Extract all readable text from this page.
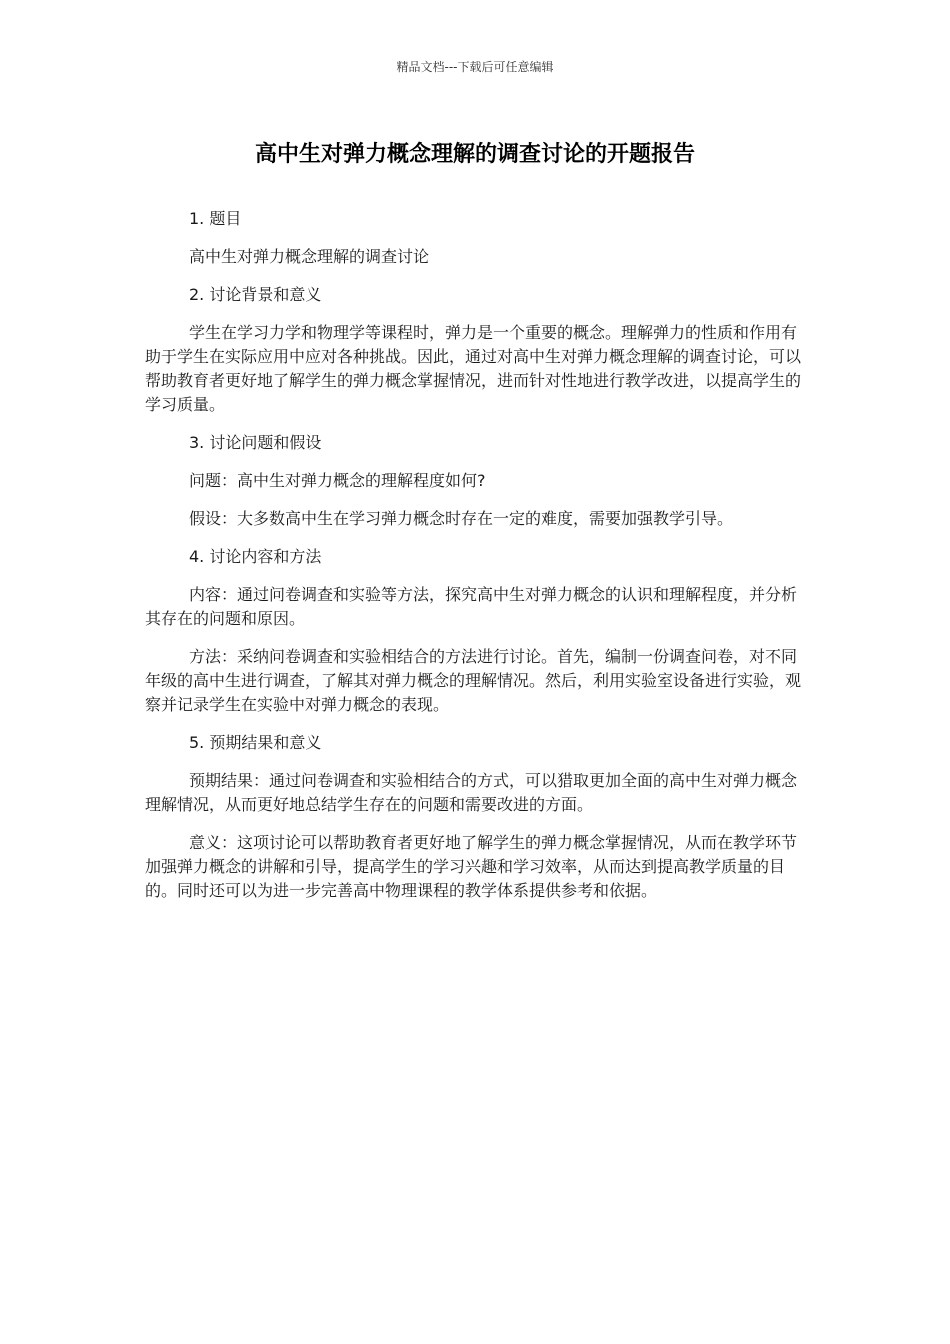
精品文档---下载后可任意编辑
高中生对弹力概念理解的调查讨论的开题报告

1. 题目

高中生对弹力概念理解的调查讨论

2. 讨论背景和意义

学生在学习力学和物理学等课程时，弹力是一个重要的概念。理解弹力的性质和作用有助于学生在实际应用中应对各种挑战。因此，通过对高中生对弹力概念理解的调查讨论，可以帮助教育者更好地了解学生的弹力概念掌握情况，进而针对性地进行教学改进，以提高学生的学习质量。

3. 讨论问题和假设

问题：高中生对弹力概念的理解程度如何?

假设：大多数高中生在学习弹力概念时存在一定的难度，需要加强教学引导。

4. 讨论内容和方法

内容：通过问卷调查和实验等方法，探究高中生对弹力概念的认识和理解程度，并分析其存在的问题和原因。

方法：采纳问卷调查和实验相结合的方法进行讨论。首先，编制一份调查问卷，对不同年级的高中生进行调查，了解其对弹力概念的理解情况。然后，利用实验室设备进行实验，观察并记录学生在实验中对弹力概念的表现。

5. 预期结果和意义

预期结果：通过问卷调查和实验相结合的方式，可以猎取更加全面的高中生对弹力概念理解情况，从而更好地总结学生存在的问题和需要改进的方面。

意义：这项讨论可以帮助教育者更好地了解学生的弹力概念掌握情况，从而在教学环节加强弹力概念的讲解和引导，提高学生的学习兴趣和学习效率，从而达到提高教学质量的目的。同时还可以为进一步完善高中物理课程的教学体系提供参考和依据。
